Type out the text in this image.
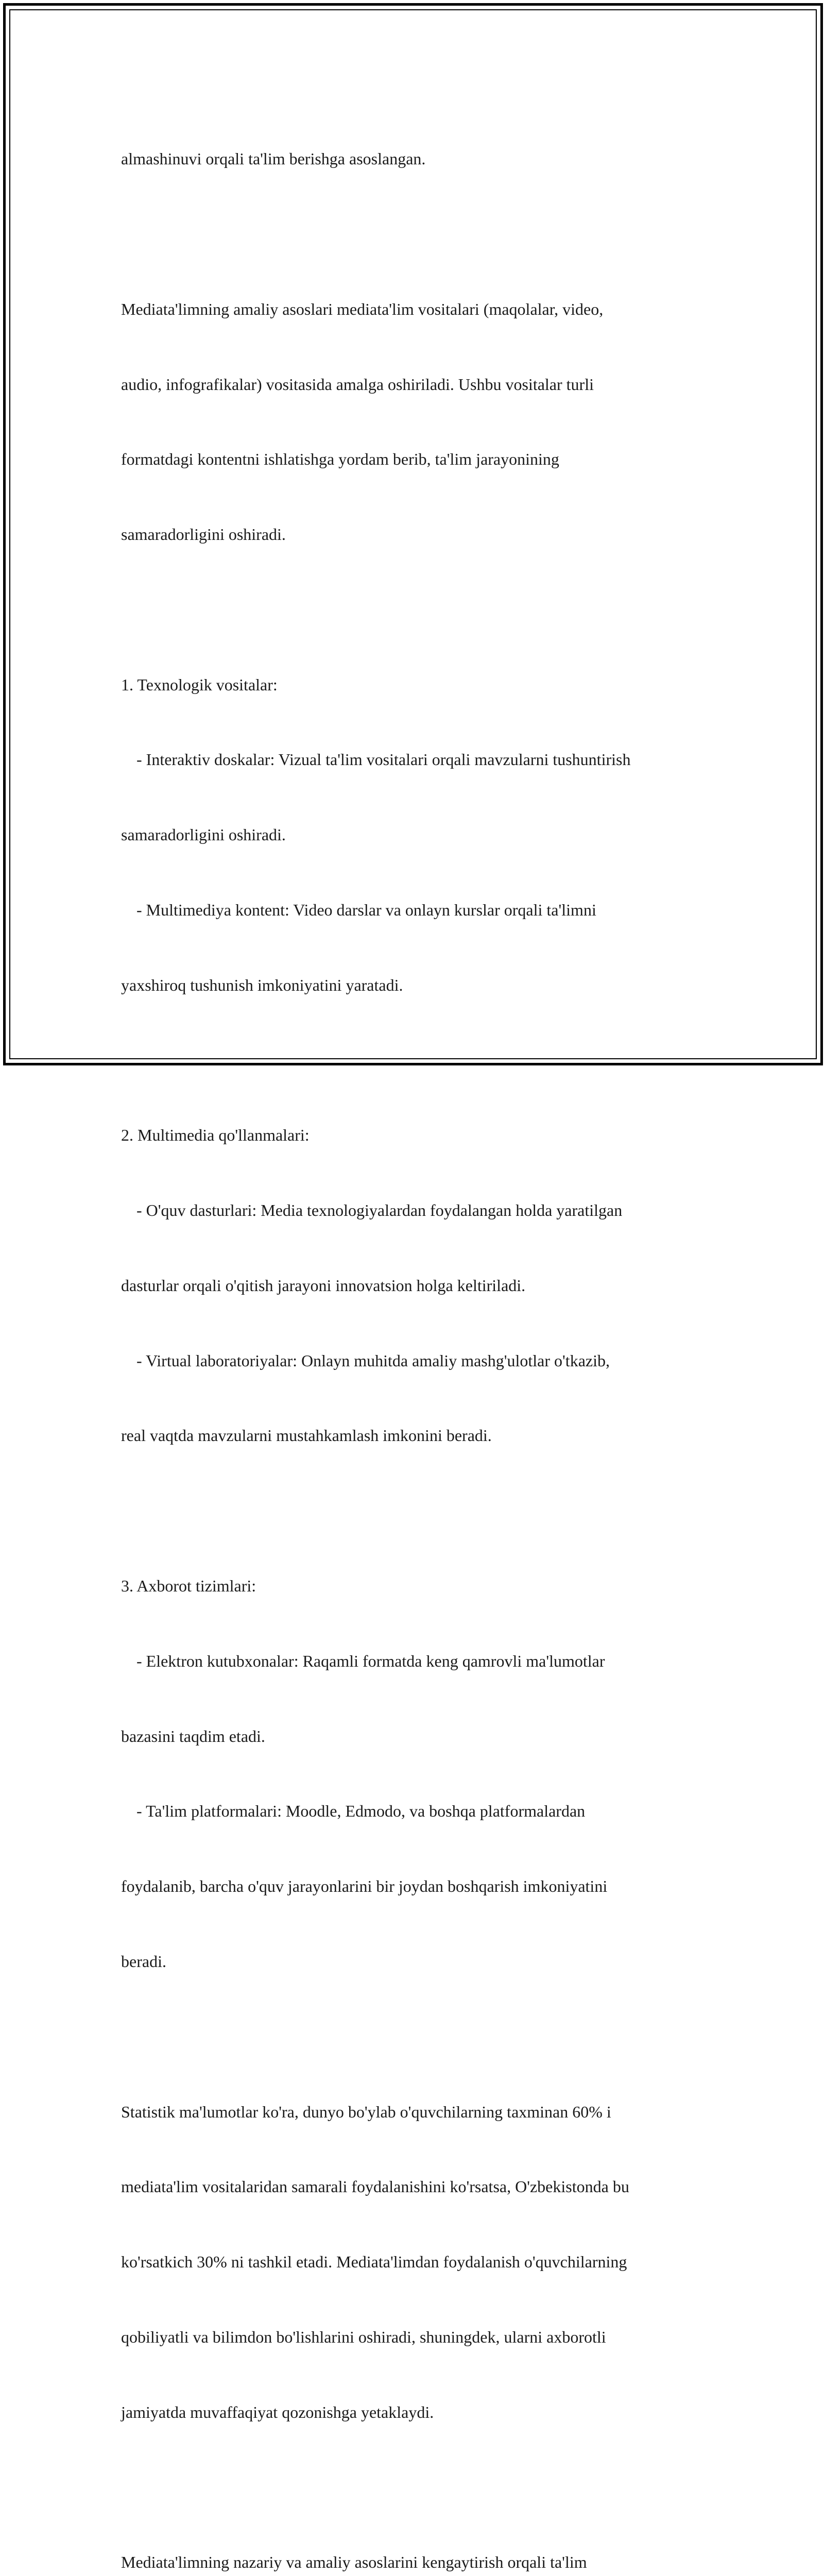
almashinuvi orqali ta'lim berishga asoslangan.

Mediata'limning amaliy asoslari mediata'lim vositalari (maqolalar, video,

audio, infografikalar) vositasida amalga oshiriladi. Ushbu vositalar turli

formatdagi kontentni ishlatishga yordam berib, ta'lim jarayonining

samaradorligini oshiradi.

1. Texnologik vositalar:

- Interaktiv doskalar: Vizual ta'lim vositalari orqali mavzularni tushuntirish

samaradorligini oshiradi.

- Multimediya kontent: Video darslar va onlayn kurslar orqali ta'limni

yaxshiroq tushunish imkoniyatini yaratadi.

2. Multimedia qo'llanmalari:

- O'quv dasturlari: Media texnologiyalardan foydalangan holda yaratilgan

dasturlar orqali o'qitish jarayoni innovatsion holga keltiriladi.

- Virtual laboratoriyalar: Onlayn muhitda amaliy mashg'ulotlar o'tkazib,

real vaqtda mavzularni mustahkamlash imkonini beradi.

3. Axborot tizimlari:

- Elektron kutubxonalar: Raqamli formatda keng qamrovli ma'lumotlar

bazasini taqdim etadi.

- Ta'lim platformalari: Moodle, Edmodo, va boshqa platformalardan

foydalanib, barcha o'quv jarayonlarini bir joydan boshqarish imkoniyatini

beradi.

Statistik ma'lumotlar ko'ra, dunyo bo'ylab o'quvchilarning taxminan 60% i

mediata'lim vositalaridan samarali foydalanishini ko'rsatsa, O'zbekistonda bu

ko'rsatkich 30% ni tashkil etadi. Mediata'limdan foydalanish o'quvchilarning

qobiliyatli va bilimdon bo'lishlarini oshiradi, shuningdek, ularni axborotli

jamiyatda muvaffaqiyat qozonishga yetaklaydi.

Mediata'limning nazariy va amaliy asoslarini kengaytirish orqali ta'lim
